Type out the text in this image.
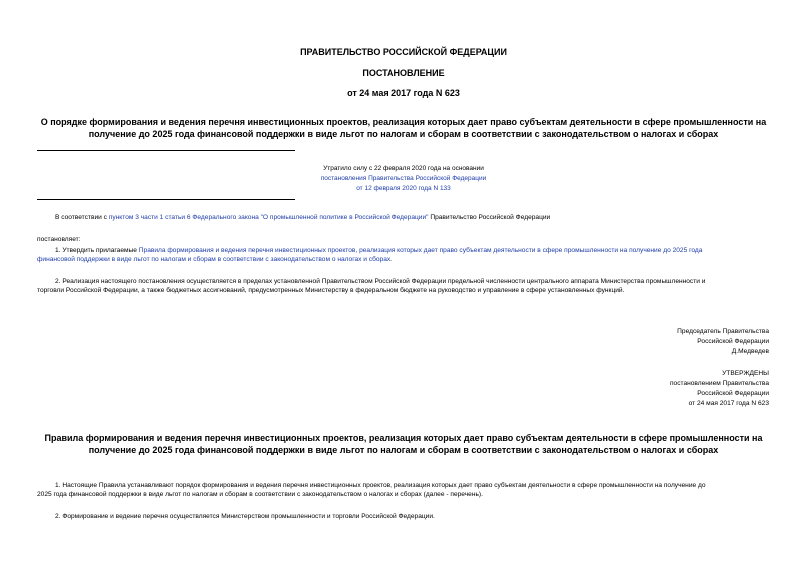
ПРАВИТЕЛЬСТВО РОССИЙСКОЙ ФЕДЕРАЦИИ
ПОСТАНОВЛЕНИЕ
от 24 мая 2017 года N 623
О порядке формирования и ведения перечня инвестиционных проектов, реализация которых дает право субъектам деятельности в сфере промышленности на
получение до 2025 года финансовой поддержки в виде льгот по налогам и сборам в соответствии с законодательством о налогах и сборах
Утратило силу с 22 февраля 2020 года на основании
постановления Правительства Российской Федерации
от 12 февраля 2020 года N 133
В соответствии с пунктом 3 части 1 статьи 6 Федерального закона "О промышленной политике в Российской Федерации" Правительство Российской Федерации
постановляет:
1. Утвердить прилагаемые Правила формирования и ведения перечня инвестиционных проектов, реализация которых дает право субъектам деятельности в сфере промышленности на получение до 2025 года
финансовой поддержки в виде льгот по налогам и сборам в соответствии с законодательством о налогах и сборах.
2. Реализация настоящего постановления осуществляется в пределах установленной Правительством Российской Федерации предельной численности центрального аппарата Министерства промышленности и
торговли Российской Федерации, а также бюджетных ассигнований, предусмотренных Министерству в федеральном бюджете на руководство и управление в сфере установленных функций.
Председатель Правительства
Российской Федерации
Д.Медведев
УТВЕРЖДЕНЫ
постановлением Правительства
Российской Федерации
от 24 мая 2017 года N 623
Правила формирования и ведения перечня инвестиционных проектов, реализация которых дает право субъектам деятельности в сфере промышленности на
получение до 2025 года финансовой поддержки в виде льгот по налогам и сборам в соответствии с законодательством о налогах и сборах
1. Настоящие Правила устанавливают порядок формирования и ведения перечня инвестиционных проектов, реализация которых дает право субъектам деятельности в сфере промышленности на получение до
2025 года финансовой поддержки в виде льгот по налогам и сборам в соответствии с законодательством о налогах и сборах (далее - перечень).
2. Формирование и ведение перечня осуществляется Министерством промышленности и торговли Российской Федерации.
